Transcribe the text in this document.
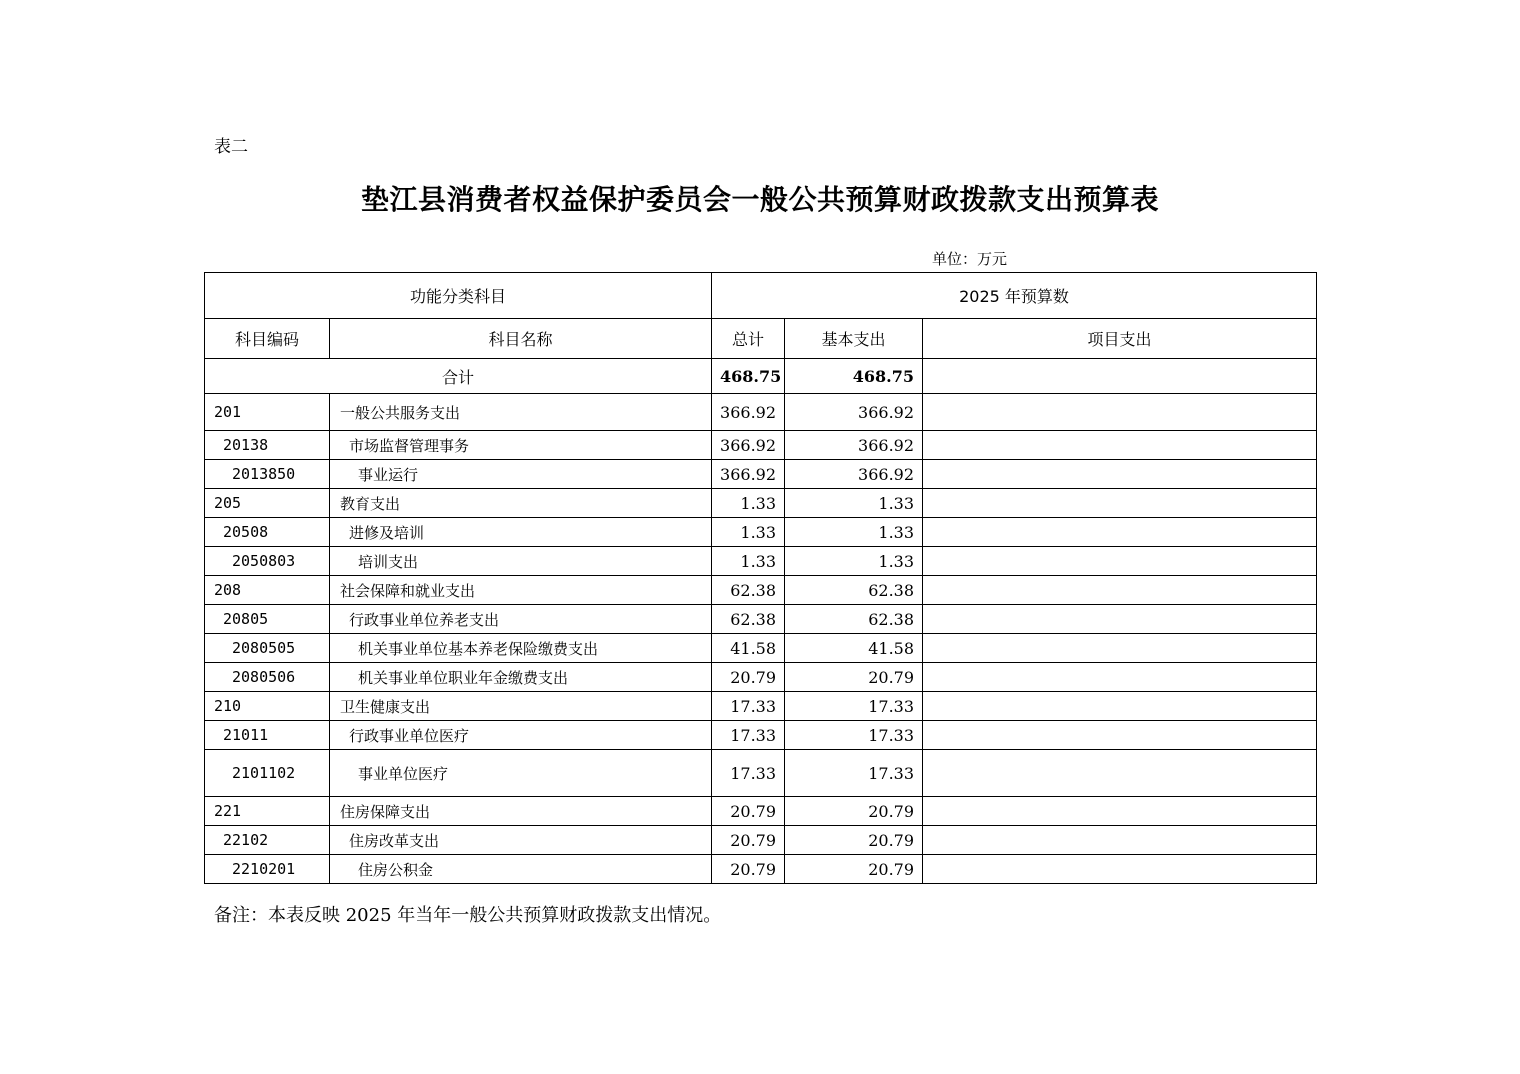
表二
垫江县消费者权益保护委员会一般公共预算财政拨款支出预算表
单位：万元
功能分类科目		2025 年预算数		
科目编码	科目名称	总计	基本支出	项目支出
合计		468.75	468.75	
201	一般公共服务支出	366.92	366.92	
20138	市场监督管理事务	366.92	366.92	
2013850	事业运行	366.92	366.92	
205	教育支出	1.33	1.33	
20508	进修及培训	1.33	1.33	
2050803	培训支出	1.33	1.33	
208	社会保障和就业支出	62.38	62.38	
20805	行政事业单位养老支出	62.38	62.38	
2080505	机关事业单位基本养老保险缴费支出	41.58	41.58	
2080506	机关事业单位职业年金缴费支出	20.79	20.79	
210	卫生健康支出	17.33	17.33	
21011	行政事业单位医疗	17.33	17.33	
2101102	事业单位医疗	17.33	17.33	
221	住房保障支出	20.79	20.79	
22102	住房改革支出	20.79	20.79	
2210201	住房公积金	20.79	20.79	
备注：本表反映 2025 年当年一般公共预算财政拨款支出情况。
